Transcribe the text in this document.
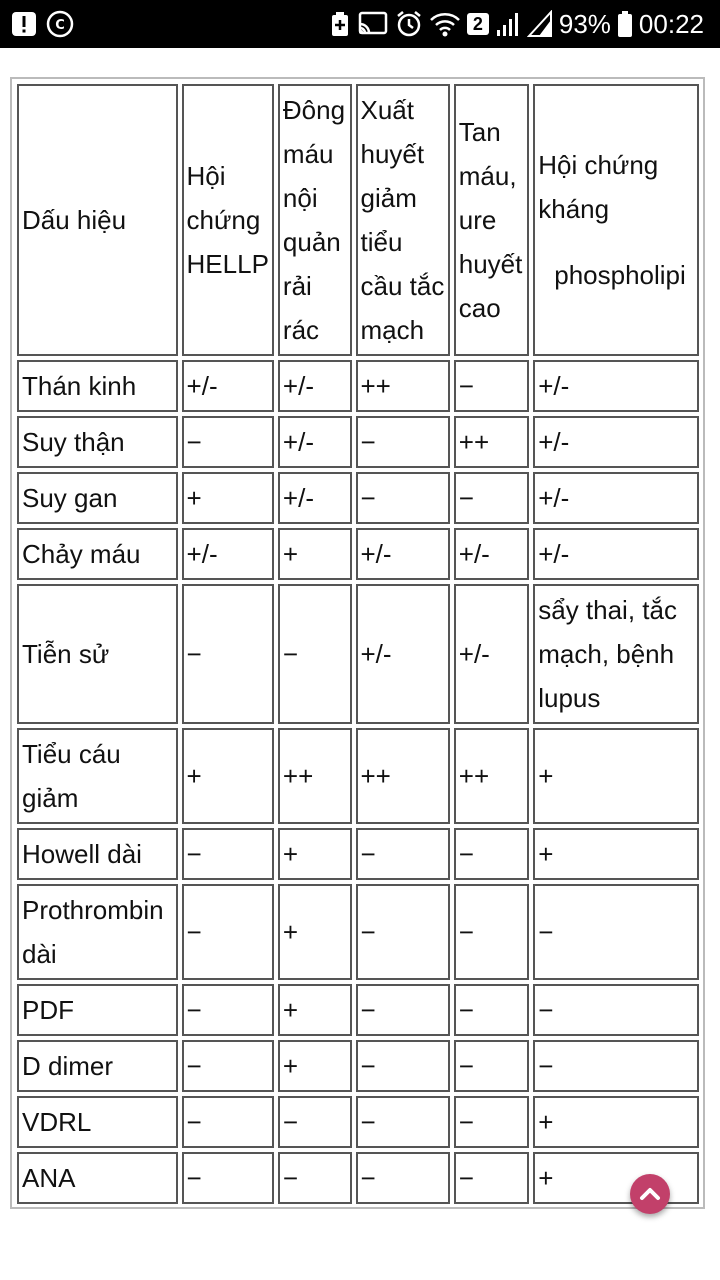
C	2	93% 00:22
Dấu hiệu	Hội chứng HELLP	Đông máu nội quản rải rác	Xuất huyết giảm tiểu cầu tắc mạch	Tan máu, ure huyết cao	Hội chứng kháng
phospholipi

Thán kinh	+/-	+/-	++	−	+/-
Suy thận	−	+/-	−	++	+/-
Suy gan	+	+/-	−	−	+/-
Chảy máu	+/-	+	+/-	+/-	+/-
Tiễn sử	−	−	+/-	+/-	sẩy thai, tắc mạch, bệnh lupus
Tiểu cáu giảm	+	++	++	++	+
Howell dài	−	+	−	−	+
Prothrombin dài	−	+	−	−	−
PDF	−	+	−	−	−
D dimer	−	+	−	−	−
VDRL	−	−	−	−	+
ANA	−	−	−	−	+
